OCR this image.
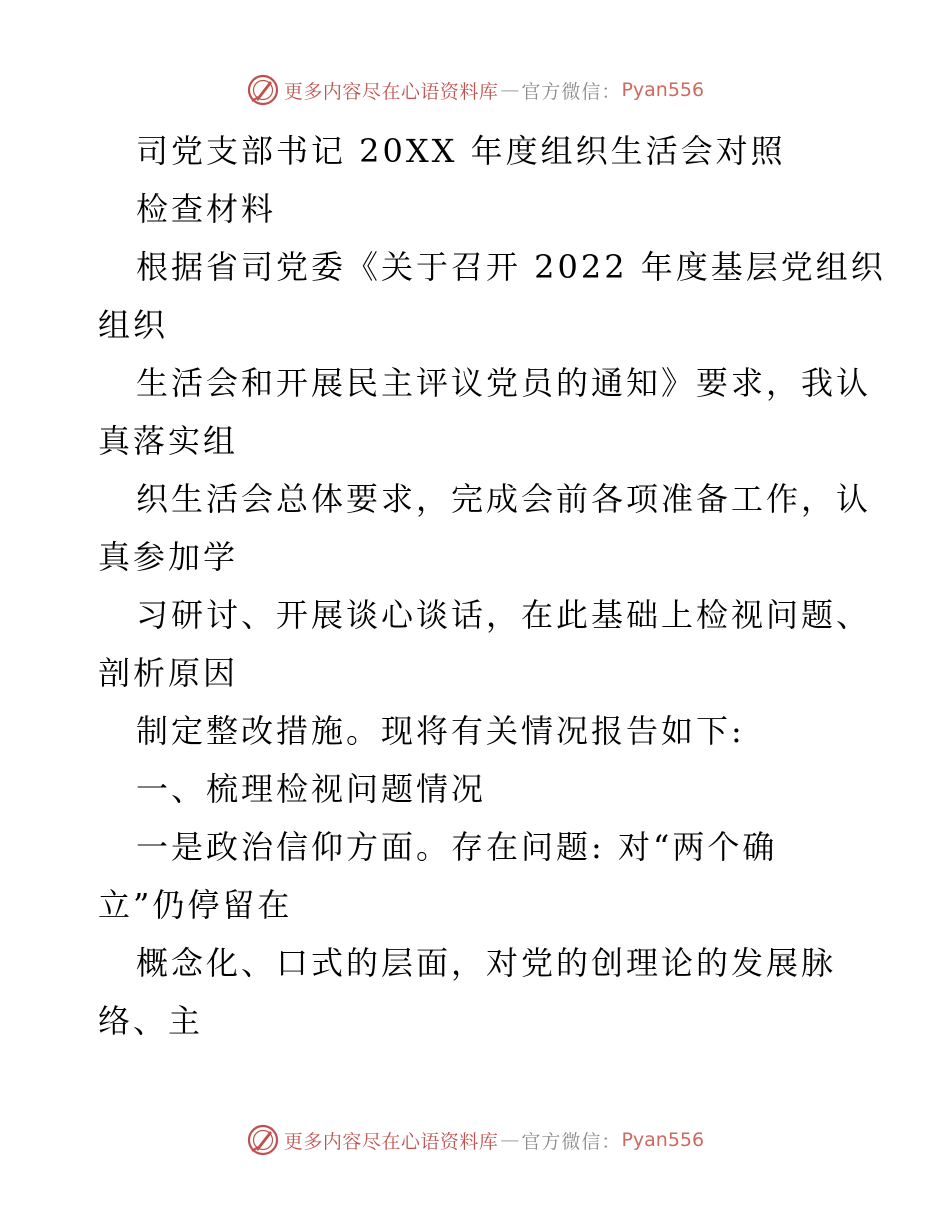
更多内容尽在心语资料库 — 官方微信： Pyan556
司党支部书记 20XX 年度组织生活会对照
检查材料
根据省司党委《关于召开 2022 年度基层党组织
组织
生活会和开展民主评议党员的通知》要求，我认
真落实组
织生活会总体要求，完成会前各项准备工作，认
真参加学
习研讨、开展谈心谈话，在此基础上检视问题、
剖析原因
制定整改措施。现将有关情况报告如下:
一、梳理检视问题情况
一是政治信仰方面。存在问题: 对“两个确
立”仍停留在
概念化、口式的层面，对党的创理论的发展脉
络、主
更多内容尽在心语资料库 — 官方微信： Pyan556
